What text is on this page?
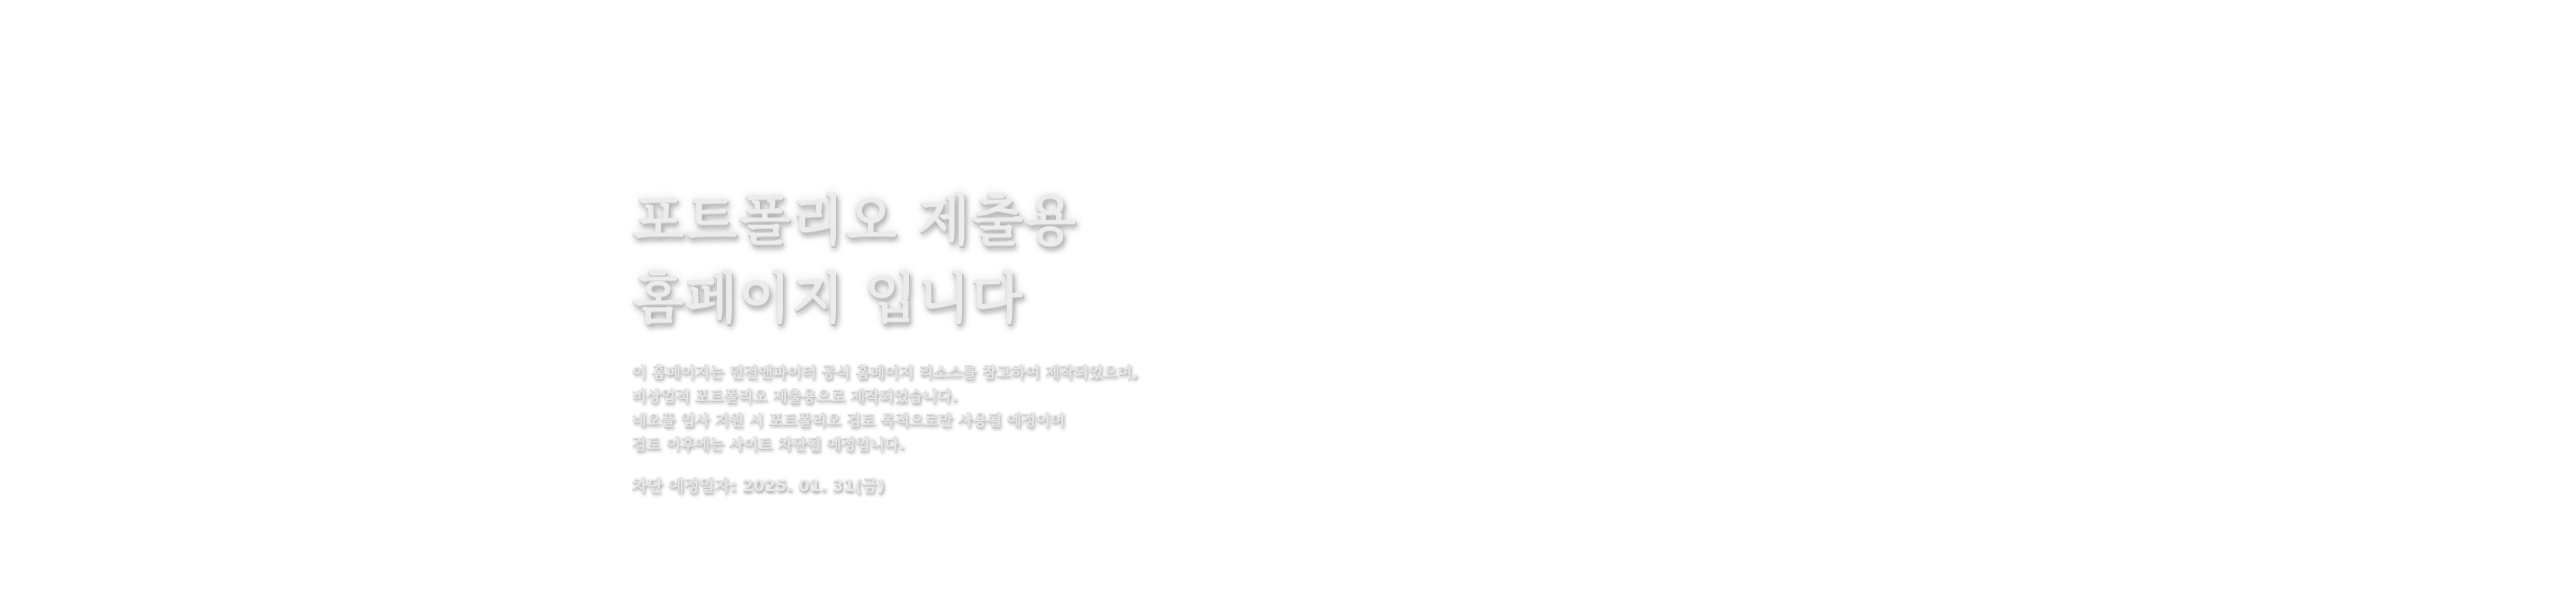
포트폴리오 제출용
홈페이지 입니다

이 홈페이지는 던전앤파이터 공식 홈페이지 리소스를 참고하여 제작되었으며,
비상업적 포트폴리오 제출용으로 제작되었습니다.
네오플 입사 지원 시 포트폴리오 검토 목적으로만 사용될 예정이며
검토 이후에는 사이트 차단될 예정입니다.

차단 예정일자: 2025. 01. 31(금)
